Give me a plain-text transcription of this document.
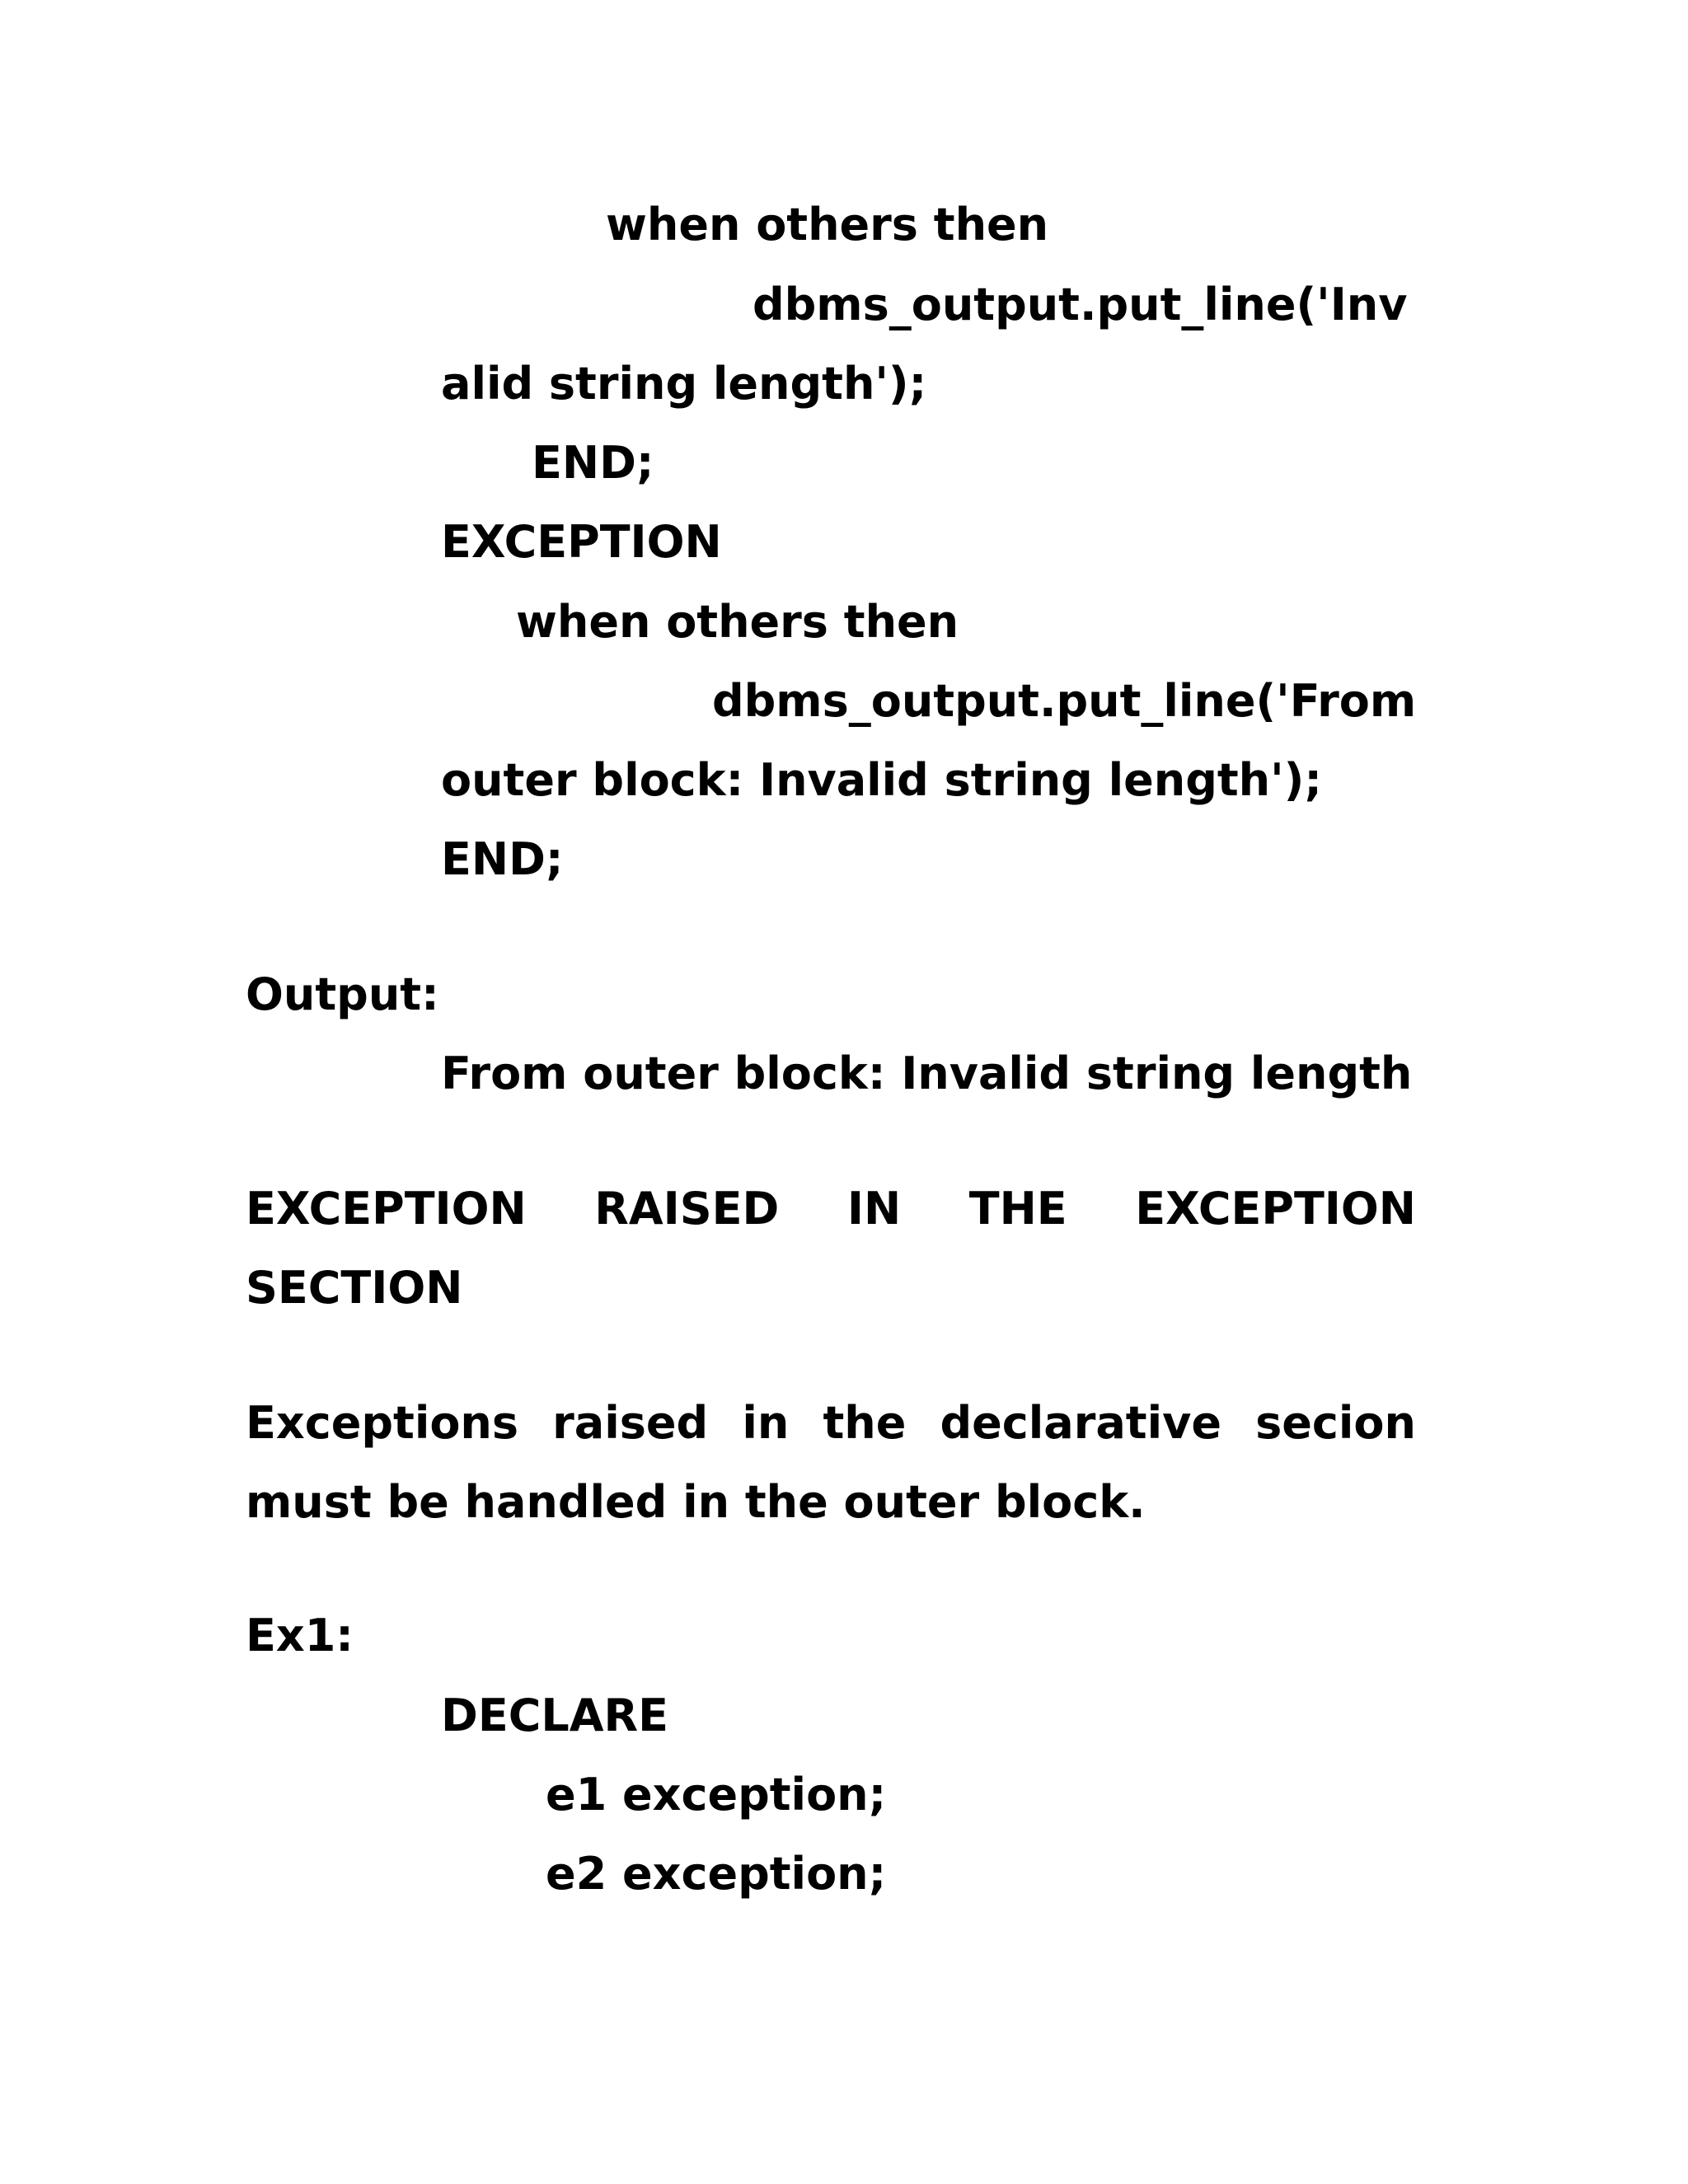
when others then
dbms_output.put_line('Inv
alid string length');
END;
EXCEPTION
when others then
dbms_output.put_line('From
outer block: Invalid string length');
END;
Output:
From outer block: Invalid string length
EXCEPTION RAISED IN THE EXCEPTION
SECTION
Exceptions raised in the declarative secion
must be handled in the outer block.
Ex1:
DECLARE
e1 exception;
e2 exception;
